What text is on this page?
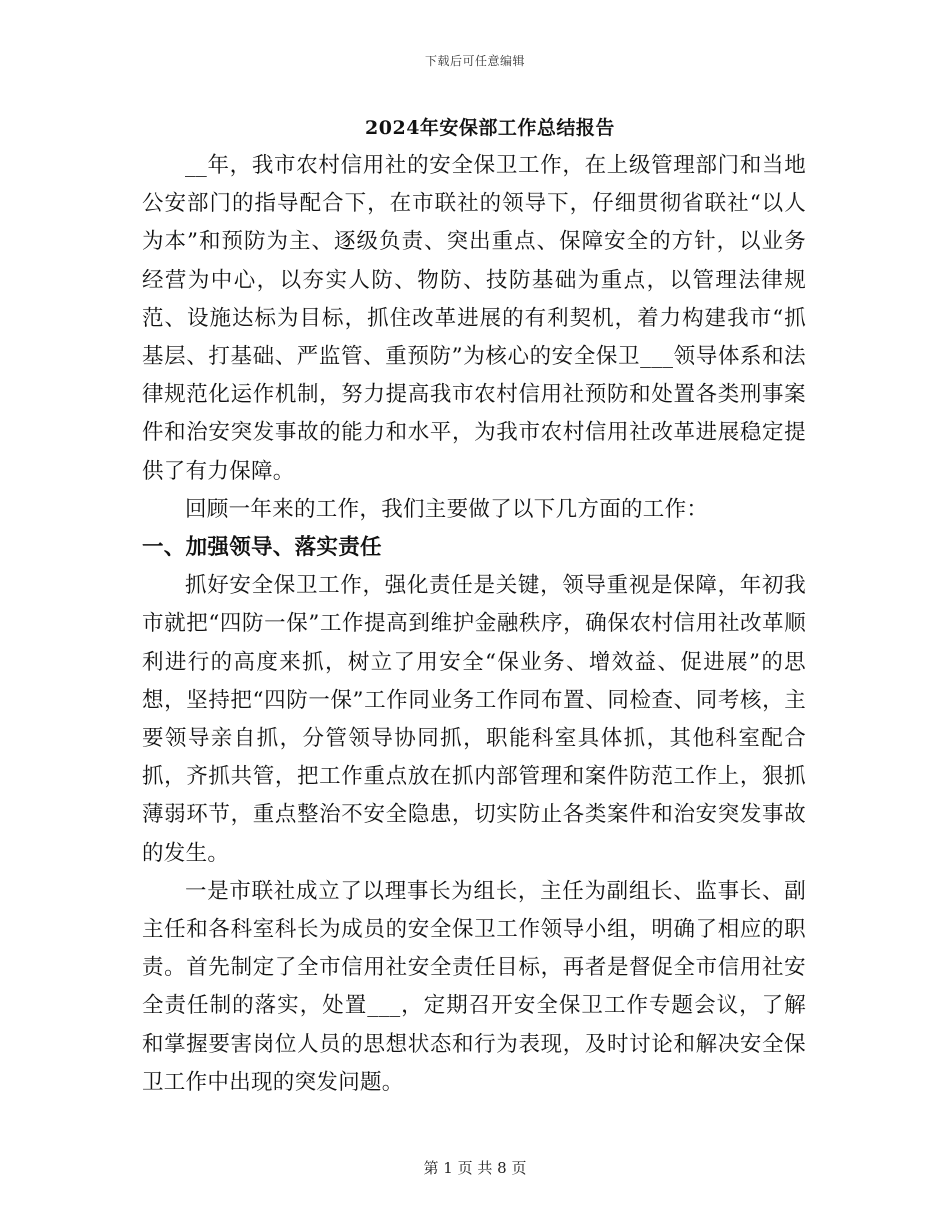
下载后可任意编辑
2024年安保部工作总结报告

__年，我市农村信用社的安全保卫工作，在上级管理部门和当地公安部门的指导配合下，在市联社的领导下，仔细贯彻省联社“以人为本”和预防为主、逐级负责、突出重点、保障安全的方针，以业务经营为中心，以夯实人防、物防、技防基础为重点，以管理法律规范、设施达标为目标，抓住改革进展的有利契机，着力构建我市“抓基层、打基础、严监管、重预防”为核心的安全保卫___领导体系和法律规范化运作机制，努力提高我市农村信用社预防和处置各类刑事案件和治安突发事故的能力和水平，为我市农村信用社改革进展稳定提供了有力保障。

回顾一年来的工作，我们主要做了以下几方面的工作：

一、加强领导、落实责任

抓好安全保卫工作，强化责任是关键，领导重视是保障，年初我市就把“四防一保”工作提高到维护金融秩序，确保农村信用社改革顺利进行的高度来抓，树立了用安全“保业务、增效益、促进展”的思想，坚持把“四防一保”工作同业务工作同布置、同检查、同考核，主要领导亲自抓，分管领导协同抓，职能科室具体抓，其他科室配合抓，齐抓共管，把工作重点放在抓内部管理和案件防范工作上，狠抓薄弱环节，重点整治不安全隐患，切实防止各类案件和治安突发事故的发生。

一是市联社成立了以理事长为组长，主任为副组长、监事长、副主任和各科室科长为成员的安全保卫工作领导小组，明确了相应的职责。首先制定了全市信用社安全责任目标，再者是督促全市信用社安全责任制的落实，处置___，定期召开安全保卫工作专题会议，了解和掌握要害岗位人员的思想状态和行为表现，及时讨论和解决安全保卫工作中出现的突发问题。

第 1 页 共 8 页
